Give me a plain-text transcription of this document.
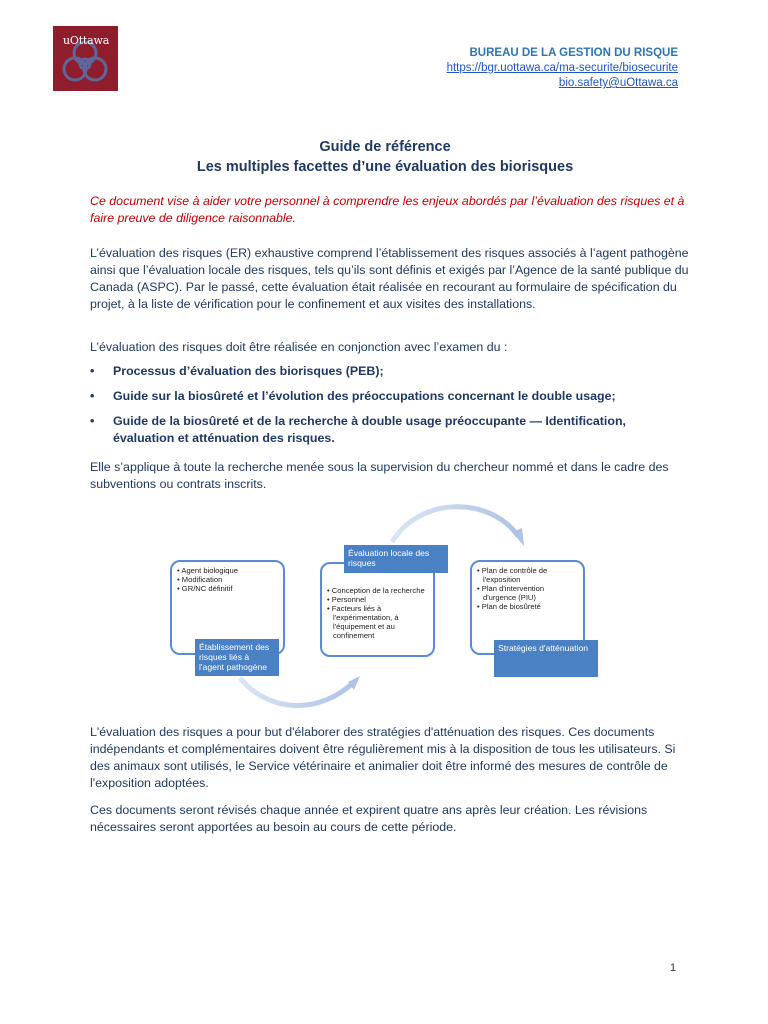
uOttawa
BUREAU DE LA GESTION DU RISQUE
https://bgr.uottawa.ca/ma-securite/biosecurite
bio.safety@uOttawa.ca
Guide de référence
Les multiples facettes d’une évaluation des biorisques

Ce document vise à aider votre personnel à comprendre les enjeux abordés par l’évaluation des risques et à faire preuve de diligence raisonnable.

L’évaluation des risques (ER) exhaustive comprend l’établissement des risques associés à l’agent pathogène ainsi que l’évaluation locale des risques, tels qu’ils sont définis et exigés par l’Agence de la santé publique du Canada (ASPC). Par le passé, cette évaluation était réalisée en recourant au formulaire de spécification du projet, à la liste de vérification pour le confinement et aux visites des installations.

L’évaluation des risques doit être réalisée en conjonction avec l’examen du :

• Processus d’évaluation des biorisques (PEB);
• Guide sur la biosûreté et l’évolution des préoccupations concernant le double usage;
• Guide de la biosûreté et de la recherche à double usage préoccupante — Identification, évaluation et atténuation des risques.

Elle s’applique à toute la recherche menée sous la supervision du chercheur nommé et dans le cadre des subventions ou contrats inscrits.

• Agent biologique
• Modification
• GR/NC définitif
Établissement des risques liés à l'agent pathogène
• Conception de la recherche
• Personnel
• Facteurs liés à l'expérimentation, à l'équipement et au confinement
Évaluation locale des risques
• Plan de contrôle de l'exposition
• Plan d'intervention d'urgence (PIU)
• Plan de biosûreté
Stratégies d'atténuation

L'évaluation des risques a pour but d'élaborer des stratégies d'atténuation des risques. Ces documents indépendants et complémentaires doivent être régulièrement mis à la disposition de tous les utilisateurs. Si des animaux sont utilisés, le Service vétérinaire et animalier doit être informé des mesures de contrôle de l'exposition adoptées.

Ces documents seront révisés chaque année et expirent quatre ans après leur création. Les révisions nécessaires seront apportées au besoin au cours de cette période.

1
